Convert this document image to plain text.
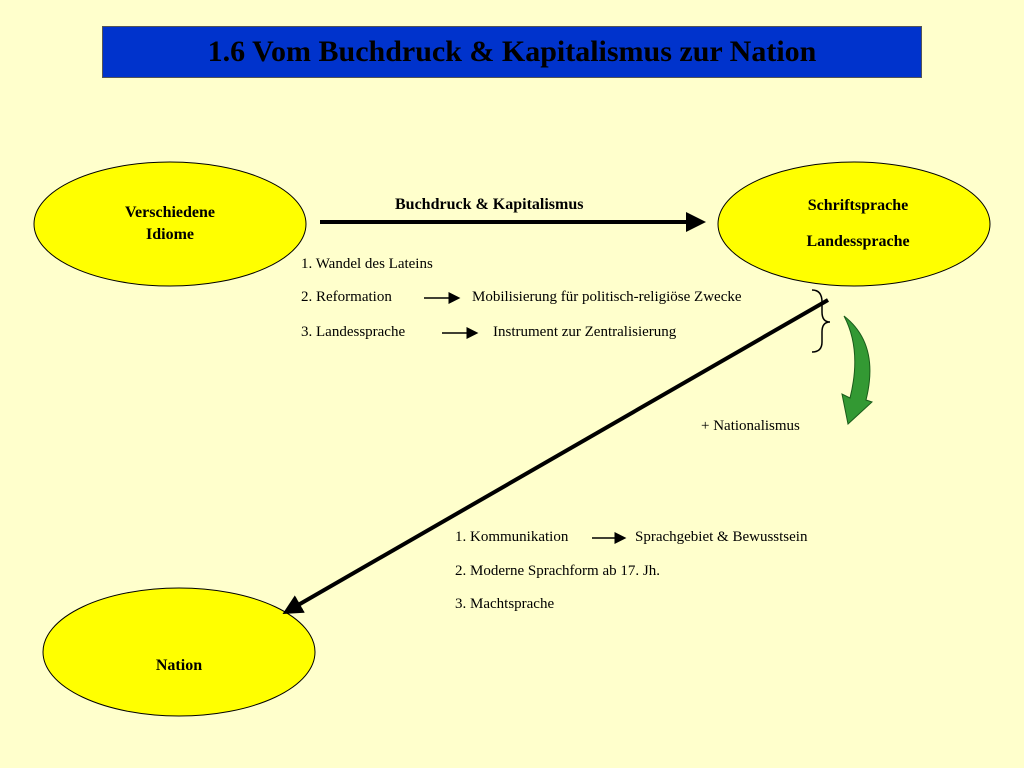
1.6 Vom Buchdruck & Kapitalismus zur Nation
Verschiedene
Idiome
Schriftsprache
Landessprache
Nation
Buchdruck & Kapitalismus
1. Wandel des Lateins
2. Reformation	Mobilisierung für politisch-religiöse Zwecke
3. Landessprache	Instrument zur Zentralisierung
+ Nationalismus
1. Kommunikation	Sprachgebiet & Bewusstsein
2. Moderne Sprachform ab 17. Jh.
3. Machtsprache
